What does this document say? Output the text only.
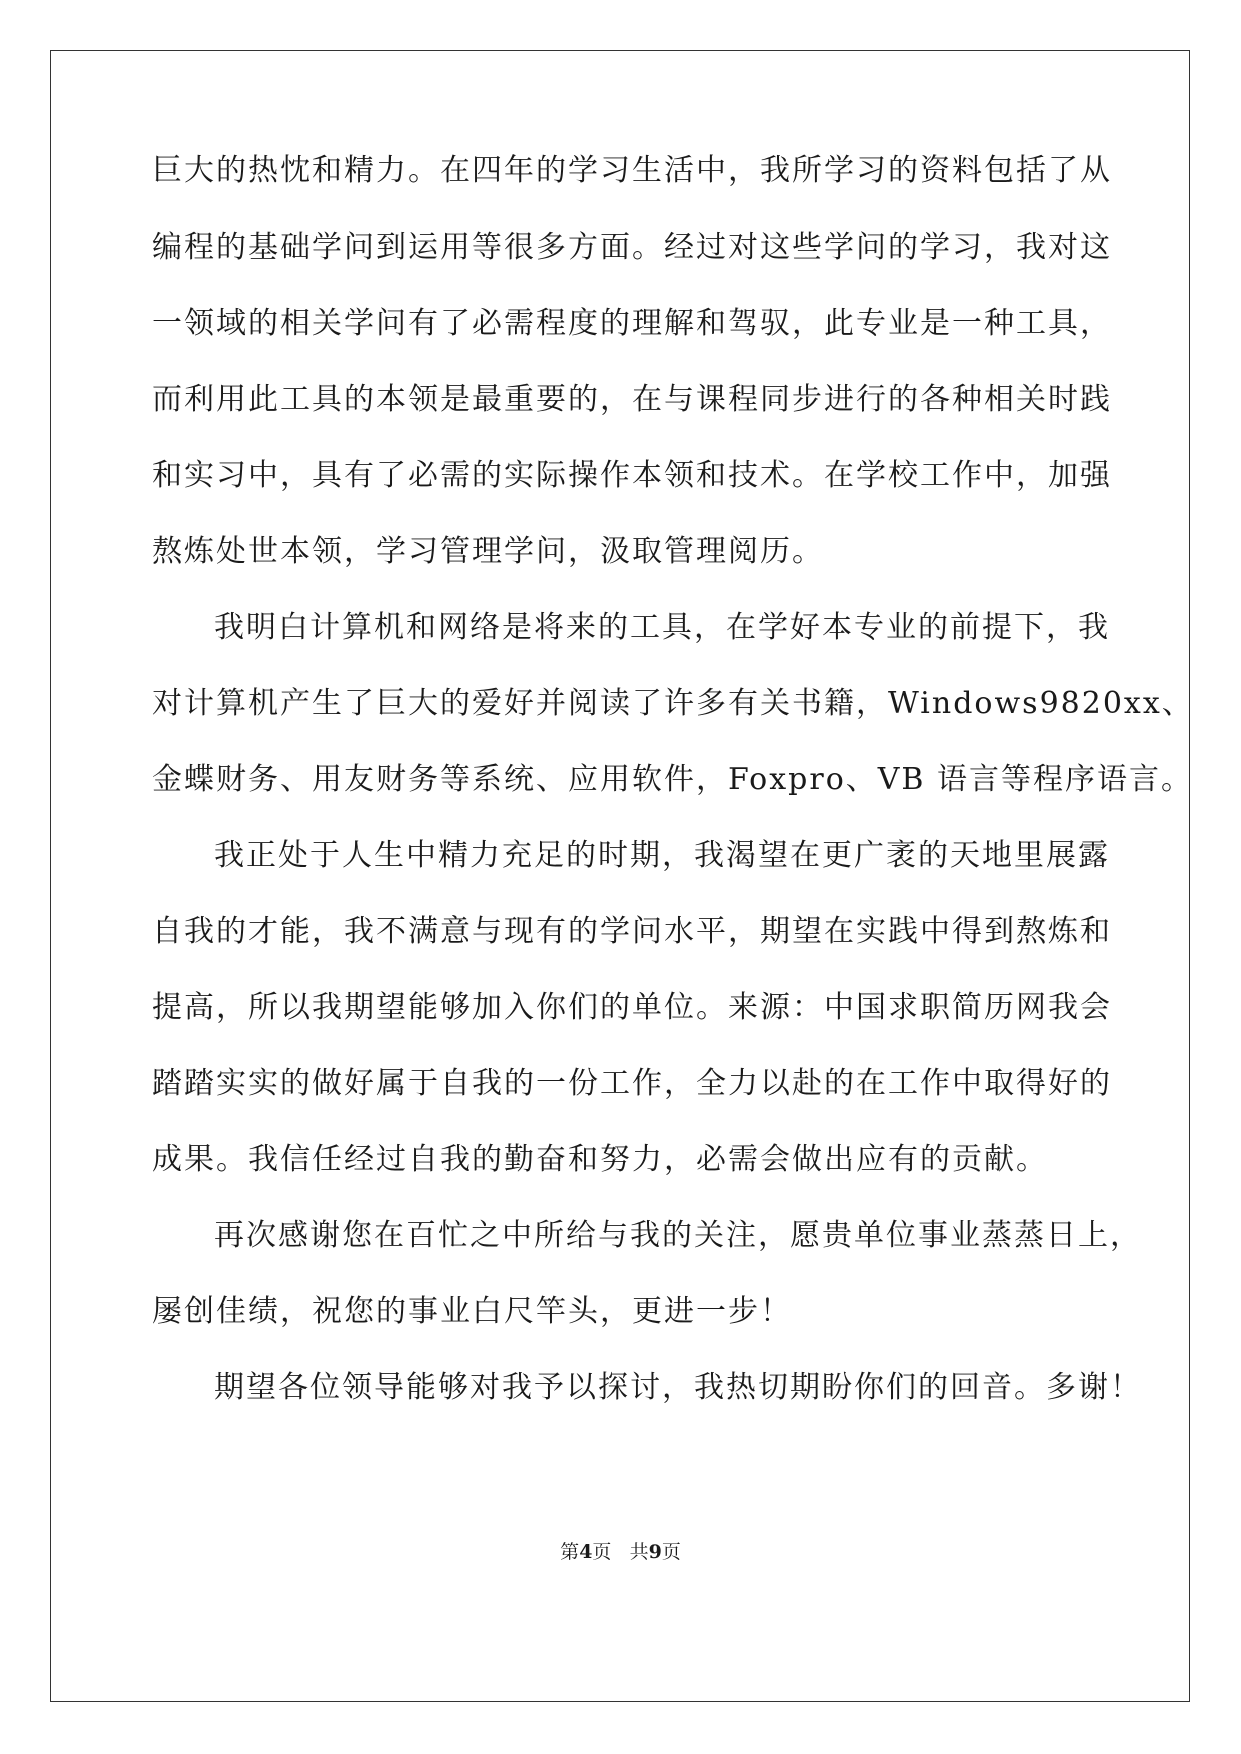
巨大的热忱和精力。在四年的学习生活中，我所学习的资料包括了从
编程的基础学问到运用等很多方面。经过对这些学问的学习，我对这
一领域的相关学问有了必需程度的理解和驾驭，此专业是一种工具，
而利用此工具的本领是最重要的，在与课程同步进行的各种相关时践
和实习中，具有了必需的实际操作本领和技术。在学校工作中，加强
熬炼处世本领，学习管理学问，汲取管理阅历。
我明白计算机和网络是将来的工具，在学好本专业的前提下，我
对计算机产生了巨大的爱好并阅读了许多有关书籍，Windows9820xx、
金蝶财务、用友财务等系统、应用软件，Foxpro、VB 语言等程序语言。
我正处于人生中精力充足的时期，我渴望在更广袤的天地里展露
自我的才能，我不满意与现有的学问水平，期望在实践中得到熬炼和
提高，所以我期望能够加入你们的单位。来源：中国求职简历网我会
踏踏实实的做好属于自我的一份工作，全力以赴的在工作中取得好的
成果。我信任经过自我的勤奋和努力，必需会做出应有的贡献。
再次感谢您在百忙之中所给与我的关注，愿贵单位事业蒸蒸日上，
屡创佳绩，祝您的事业白尺竿头，更进一步！
期望各位领导能够对我予以探讨，我热切期盼你们的回音。多谢！
第4页 共9页
